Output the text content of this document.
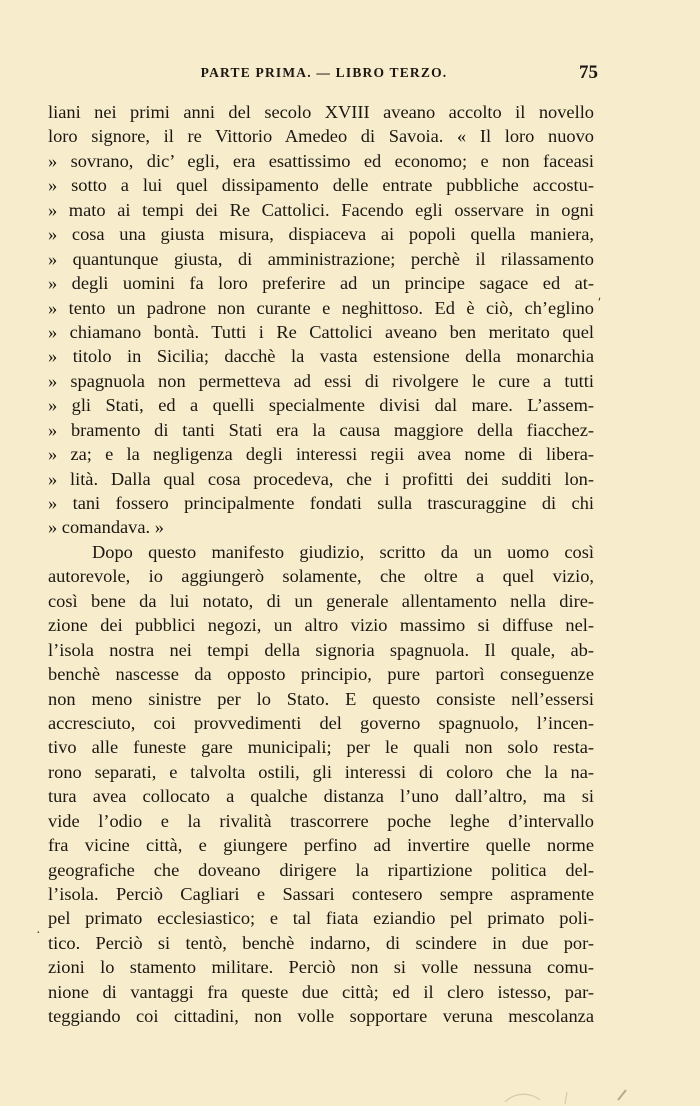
PARTE PRIMA. — LIBRO TERZO.	75
liani nei primi anni del secolo XVIII aveano accolto il novello
loro signore, il re Vittorio Amedeo di Savoia. « Il loro nuovo
» sovrano, dic’ egli, era esattissimo ed economo; e non faceasi
» sotto a lui quel dissipamento delle entrate pubbliche accostu-
» mato ai tempi dei Re Cattolici. Facendo egli osservare in ogni
» cosa una giusta misura, dispiaceva ai popoli quella maniera,
» quantunque giusta, di amministrazione; perchè il rilassamento
» degli uomini fa loro preferire ad un principe sagace ed at-
» tento un padrone non curante e neghittoso. Ed è ciò, ch’eglino
» chiamano bontà. Tutti i Re Cattolici aveano ben meritato quel
» titolo in Sicilia; dacchè la vasta estensione della monarchia
» spagnuola non permetteva ad essi di rivolgere le cure a tutti
» gli Stati, ed a quelli specialmente divisi dal mare. L’assem-
» bramento di tanti Stati era la causa maggiore della fiacchez-
» za; e la negligenza degli interessi regii avea nome di libera-
» lità. Dalla qual cosa procedeva, che i profitti dei sudditi lon-
» tani fossero principalmente fondati sulla trascuraggine di chi
» comandava. »
Dopo questo manifesto giudizio, scritto da un uomo così
autorevole, io aggiungerò solamente, che oltre a quel vizio,
così bene da lui notato, di un generale allentamento nella dire-
zione dei pubblici negozi, un altro vizio massimo si diffuse nel-
l’isola nostra nei tempi della signoria spagnuola. Il quale, ab-
benchè nascesse da opposto principio, pure partorì conseguenze
non meno sinistre per lo Stato. E questo consiste nell’essersi
accresciuto, coi provvedimenti del governo spagnuolo, l’incen-
tivo alle funeste gare municipali; per le quali non solo resta-
rono separati, e talvolta ostili, gli interessi di coloro che la na-
tura avea collocato a qualche distanza l’uno dall’altro, ma si
vide l’odio e la rivalità trascorrere poche leghe d’intervallo
fra vicine città, e giungere perfino ad invertire quelle norme
geografiche che doveano dirigere la ripartizione politica del-
l’isola. Perciò Cagliari e Sassari contesero sempre aspramente
pel primato ecclesiastico; e tal fiata eziandio pel primato poli-
tico. Perciò si tentò, benchè indarno, di scindere in due por-
zioni lo stamento militare. Perciò non si volle nessuna comu-
nione di vantaggi fra queste due città; ed il clero istesso, par-
teggiando coi cittadini, non volle sopportare veruna mescolanza
ʹ
·
